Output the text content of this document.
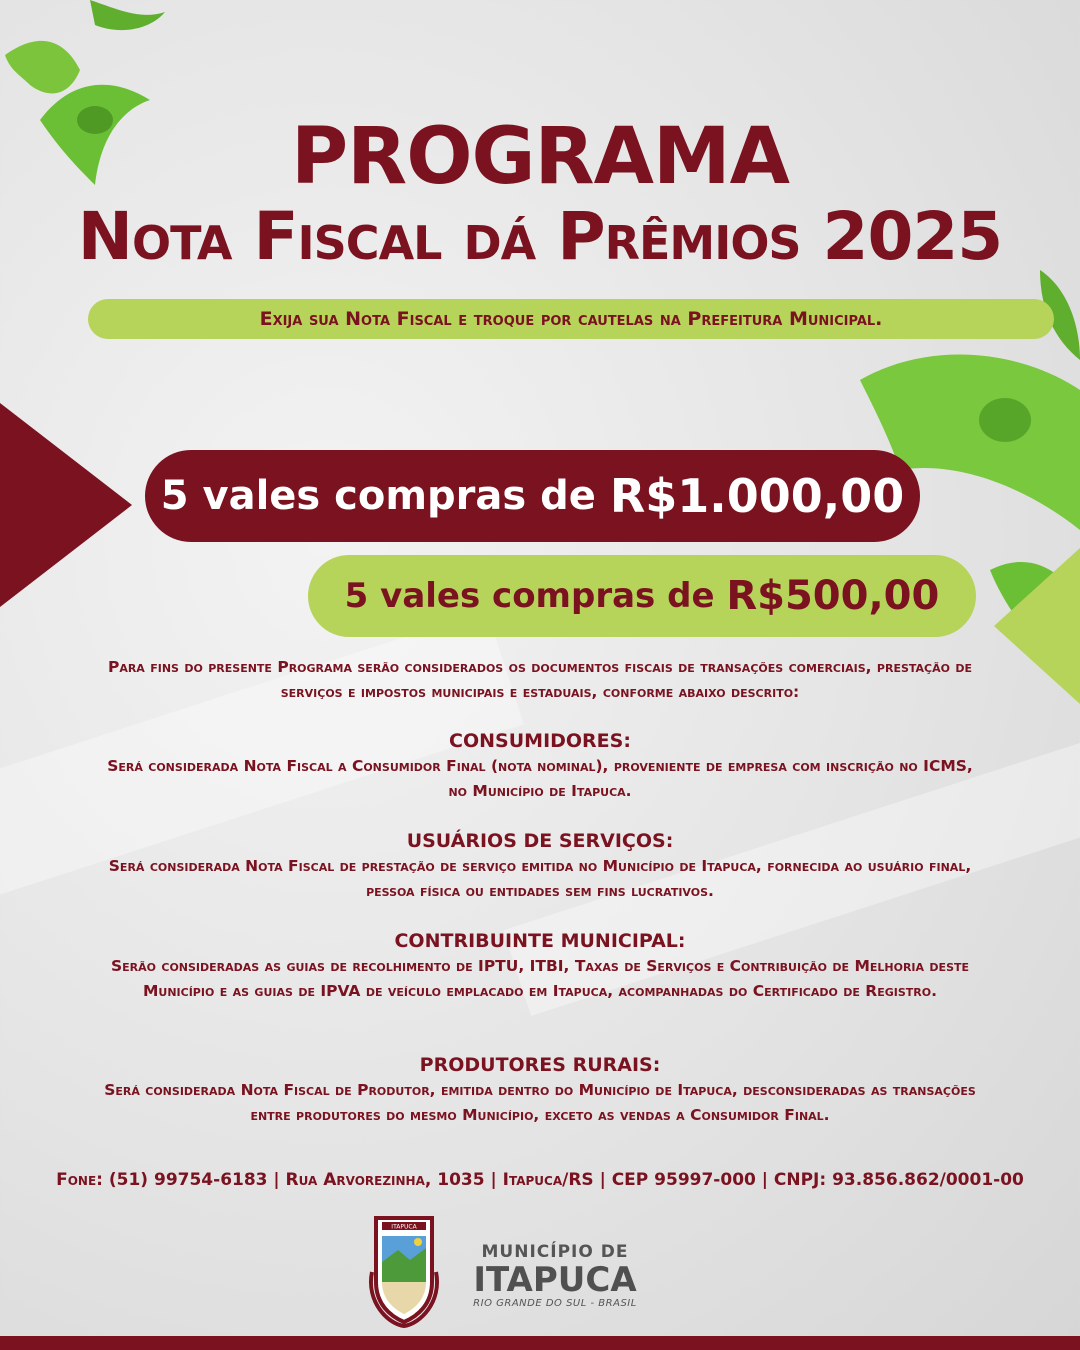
PROGRAMA
Nota Fiscal dá Prêmios 2025
Exija sua Nota Fiscal e troque por cautelas na Prefeitura Municipal.
5 vales compras de R$1.000,00
5 vales compras de R$500,00
Para fins do presente Programa serão considerados os documentos fiscais de transações comerciais, prestação de serviços e impostos municipais e estaduais, conforme abaixo descrito:
CONSUMIDORES:
Será considerada Nota Fiscal a Consumidor Final (nota nominal), proveniente de empresa com inscrição no ICMS, no Município de Itapuca.
USUÁRIOS DE SERVIÇOS:
Será considerada Nota Fiscal de prestação de serviço emitida no Município de Itapuca, fornecida ao usuário final, pessoa física ou entidades sem fins lucrativos.
CONTRIBUINTE MUNICIPAL:
Serão consideradas as guias de recolhimento de IPTU, ITBI, Taxas de Serviços e Contribuição de Melhoria deste Município e as guias de IPVA de veículo emplacado em Itapuca, acompanhadas do Certificado de Registro.
PRODUTORES RURAIS:
Será considerada Nota Fiscal de Produtor, emitida dentro do Município de Itapuca, desconsideradas as transações entre produtores do mesmo Município, exceto as vendas a Consumidor Final.
Fone: (51) 99754-6183 | Rua Arvorezinha, 1035 | Itapuca/RS | CEP 95997-000 | CNPJ: 93.856.862/0001-00
ITAPUCA
MUNICÍPIO DE
ITAPUCA
RIO GRANDE DO SUL - BRASIL
